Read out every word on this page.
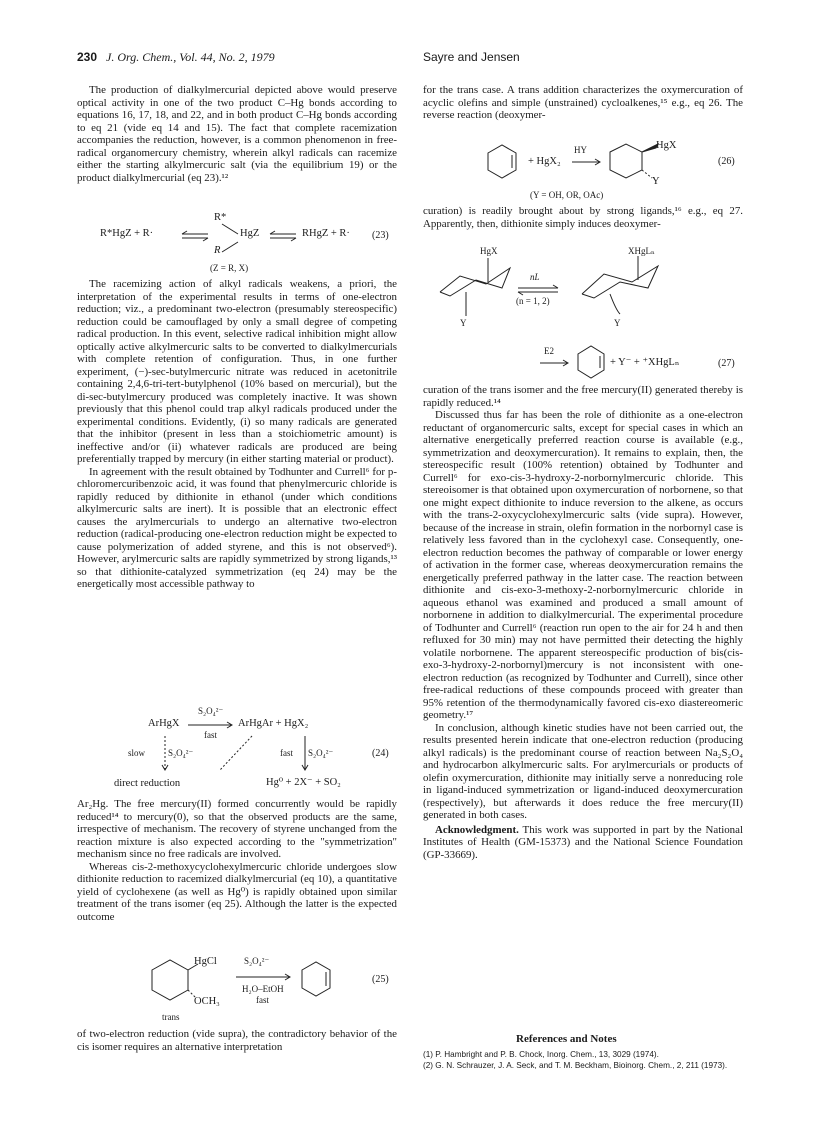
230 J. Org. Chem., Vol. 44, No. 2, 1979	Sayre and Jensen

The production of dialkylmercurial depicted above would preserve optical activity in one of the two product C–Hg bonds according to equations 16, 17, 18, and 22, and in both product C–Hg bonds according to eq 21 (vide eq 14 and 15). The fact that complete racemization accompanies the reduction, however, is a common phenomenon in free-radical organomercury chemistry, wherein alkyl radicals can racemize either the starting alkylmercuric salt (via the equilibrium 19) or the product dialkylmercurial (eq 23).¹²

R*HgZ + R·
R*
HgZ
R
RHgZ + R· (23)
(Z = R, X)

The racemizing action of alkyl radicals weakens, a priori, the interpretation of the experimental results in terms of one-electron reduction; viz., a predominant two-electron (presumably stereospecific) reduction could be camouflaged by only a small degree of competing radical production. In this event, selective radical inhibition might allow optically active alkylmercuric salts to be converted to dialkylmercurials with complete retention of configuration. Thus, in one further experiment, (−)-sec-butylmercuric nitrate was reduced in acetonitrile containing 2,4,6-tri-tert-butylphenol (10% based on mercurial), but the di-sec-butylmercury produced was completely inactive. It was shown previously that this phenol could trap alkyl radicals produced under the experimental conditions. Evidently, (i) so many radicals are generated that the inhibitor (present in less than a stoichiometric amount) is ineffective and/or (ii) whatever radicals are produced are being preferentially trapped by mercury (in either starting material or product).

In agreement with the result obtained by Todhunter and Currell⁶ for p-chloromercuribenzoic acid, it was found that phenylmercuric chloride is rapidly reduced by dithionite in ethanol (under which conditions alkylmercuric salts are inert). It is possible that an electronic effect causes the arylmercurials to undergo an alternative two-electron reduction (radical-producing one-electron reduction might be expected to cause polymerization of added styrene, and this is not observed⁶). However, arylmercuric salts are rapidly symmetrized by strong ligands,¹³ so that dithionite-catalyzed symmetrization (eq 24) may be the energetically most accessible pathway to

S₂O₄²⁻
ArHgX
fast
ArHgAr + HgX₂
slow	S₂O₄²⁻	fast S₂O₄²⁻	(24)
direct reduction	Hg⁰ + 2X⁻ + SO₂

Ar₂Hg. The free mercury(II) formed concurrently would be rapidly reduced¹⁴ to mercury(0), so that the observed products are the same, irrespective of mechanism. The recovery of styrene unchanged from the reaction mixture is also expected according to the "symmetrization" mechanism since no free radicals are involved.

Whereas cis-2-methoxycyclohexylmercuric chloride undergoes slow dithionite reduction to racemized dialkylmercurial (eq 10), a quantitative yield of cyclohexene (as well as Hg⁰) is rapidly obtained upon similar treatment of the trans isomer (eq 25). Although the latter is the expected outcome

HgCl
OCH₃
S₂O₄²⁻
H₂O–EtOH
fast
(25)
trans

of two-electron reduction (vide supra), the contradictory behavior of the cis isomer requires an alternative interpretation

for the trans case. A trans addition characterizes the oxymercuration of acyclic olefins and simple (unstrained) cycloalkenes,¹⁵ e.g., eq 26. The reverse reaction (deoxymer-

+ HgX₂
HY	HgX
Y
(26)
(Y = OH, OR, OAc)

curation) is readily brought about by strong ligands,¹⁶ e.g., eq 27. Apparently, then, dithionite simply induces deoxymer-

HgX
Y
nL
(n = 1, 2)
XHgLₙ
Y
E2
+ Y⁻ + ⁺XHgLₙ	(27)

curation of the trans isomer and the free mercury(II) generated thereby is rapidly reduced.¹⁴

Discussed thus far has been the role of dithionite as a one-electron reductant of organomercuric salts, except for special cases in which an alternative energetically preferred reaction course is available (e.g., symmetrization and deoxymercuration). It remains to explain, then, the stereospecific result (100% retention) obtained by Todhunter and Currell⁶ for exo-cis-3-hydroxy-2-norbornylmercuric chloride. This stereoisomer is that obtained upon oxymercuration of norbornene, so that one might expect dithionite to induce reversion to the alkene, as occurs with the trans-2-oxycyclohexylmercuric salts (vide supra). However, because of the increase in strain, olefin formation in the norbornyl case is relatively less favored than in the cyclohexyl case. Consequently, one-electron reduction becomes the pathway of comparable or lower energy of activation in the former case, whereas deoxymercuration remains the energetically preferred pathway in the latter case. The reaction between dithionite and cis-exo-3-methoxy-2-norbornylmercuric chloride in aqueous ethanol was examined and produced a small amount of norbornene in addition to dialkylmercurial. The experimental procedure of Todhunter and Currell⁶ (reaction run open to the air for 24 h and then refluxed for 30 min) may not have permitted their detecting the highly volatile norbornene. The apparent stereospecific production of bis(cis-exo-3-hydroxy-2-norbornyl)mercury is not inconsistent with one-electron reduction (as recognized by Todhunter and Currell), since other free-radical reductions of these compounds proceed with greater than 95% retention of the thermodynamically favored cis-exo diastereomeric geometry.¹⁷

In conclusion, although kinetic studies have not been carried out, the results presented herein indicate that one-electron reduction (producing alkyl radicals) is the predominant course of reaction between Na₂S₂O₄ and hydrocarbon alkylmercuric salts. For arylmercurials or products of olefin oxymercuration, dithionite may initially serve a nonreducing role in ligand-induced symmetrization or ligand-induced deoxymercuration (respectively), but afterwards it does reduce the free mercury(II) generated in both cases.

Acknowledgment. This work was supported in part by the National Institutes of Health (GM-15373) and the National Science Foundation (GP-33669).

References and Notes
(1) P. Hambright and P. B. Chock, Inorg. Chem., 13, 3029 (1974).
(2) G. N. Schrauzer, J. A. Seck, and T. M. Beckham, Bioinorg. Chem., 2, 211 (1973).
